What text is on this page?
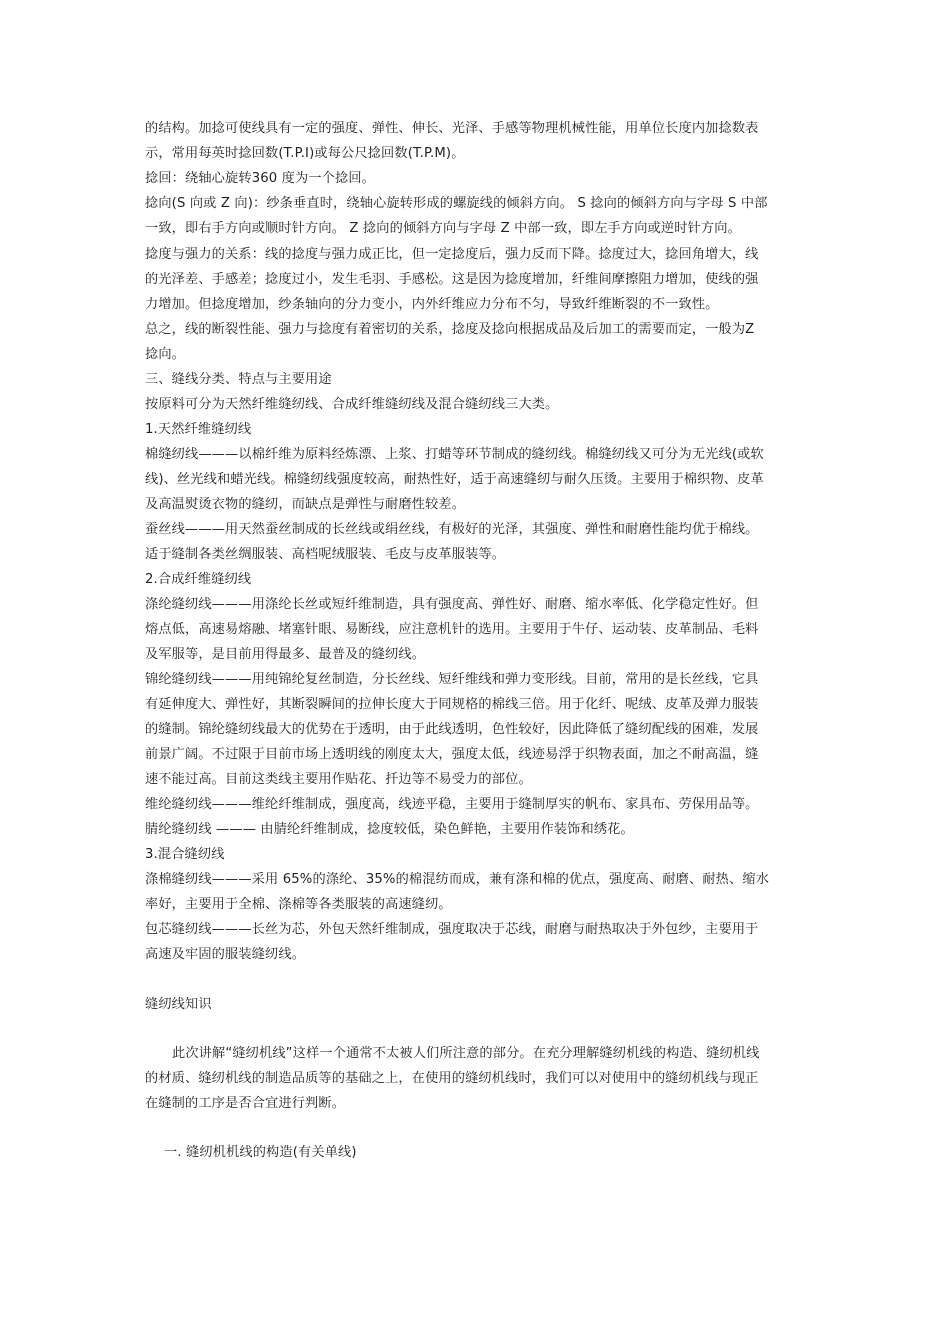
的结构。加捻可使线具有一定的强度、弹性、伸长、光泽、手感等物理机械性能，用单位长度内加捻数表
示，常用每英时捻回数(T.P.I)或每公尺捻回数(T.P.M)。
捻回：绕轴心旋转360 度为一个捻回。
捻向(S 向或 Z 向)：纱条垂直时，绕轴心旋转形成的螺旋线的倾斜方向。 S 捻向的倾斜方向与字母 S 中部
一致，即右手方向或顺时针方向。 Z 捻向的倾斜方向与字母 Z 中部一致，即左手方向或逆时针方向。
捻度与强力的关系：线的捻度与强力成正比，但一定捻度后，强力反而下降。捻度过大，捻回角增大，线
的光泽差、手感差；捻度过小，发生毛羽、手感松。这是因为捻度增加，纤维间摩擦阻力增加，使线的强
力增加。但捻度增加，纱条轴向的分力变小，内外纤维应力分布不匀，导致纤维断裂的不一致性。
总之，线的断裂性能、强力与捻度有着密切的关系，捻度及捻向根据成品及后加工的需要而定，一般为Z
捻向。
三、缝线分类、特点与主要用途
按原料可分为天然纤维缝纫线、合成纤维缝纫线及混合缝纫线三大类。
1.天然纤维缝纫线
棉缝纫线———以棉纤维为原料经炼漂、上浆、打蜡等环节制成的缝纫线。棉缝纫线又可分为无光线(或软
线)、丝光线和蜡光线。棉缝纫线强度较高，耐热性好，适于高速缝纫与耐久压烫。主要用于棉织物、皮革
及高温熨烫衣物的缝纫，而缺点是弹性与耐磨性较差。
蚕丝线———用天然蚕丝制成的长丝线或绢丝线，有极好的光泽，其强度、弹性和耐磨性能均优于棉线。
适于缝制各类丝绸服装、高档呢绒服装、毛皮与皮革服装等。
2.合成纤维缝纫线
涤纶缝纫线———用涤纶长丝或短纤维制造，具有强度高、弹性好、耐磨、缩水率低、化学稳定性好。但
熔点低，高速易熔融、堵塞针眼、易断线，应注意机针的选用。主要用于牛仔、运动装、皮革制品、毛料
及军服等，是目前用得最多、最普及的缝纫线。
锦纶缝纫线———用纯锦纶复丝制造，分长丝线、短纤维线和弹力变形线。目前，常用的是长丝线，它具
有延伸度大、弹性好，其断裂瞬间的拉伸长度大于同规格的棉线三倍。用于化纤、呢绒、皮革及弹力服装
的缝制。锦纶缝纫线最大的优势在于透明，由于此线透明，色性较好，因此降低了缝纫配线的困难，发展
前景广阔。不过限于目前市场上透明线的刚度太大，强度太低，线迹易浮于织物表面，加之不耐高温，缝
速不能过高。目前这类线主要用作贴花、扦边等不易受力的部位。
维纶缝纫线———维纶纤维制成，强度高，线迹平稳，主要用于缝制厚实的帆布、家具布、劳保用品等。
腈纶缝纫线 ——— 由腈纶纤维制成，捻度较低，染色鲜艳，主要用作装饰和绣花。
3.混合缝纫线
涤棉缝纫线———采用 65%的涤纶、35%的棉混纺而成，兼有涤和棉的优点，强度高、耐磨、耐热、缩水
率好，主要用于全棉、涤棉等各类服装的高速缝纫。
包芯缝纫线———长丝为芯，外包天然纤维制成，强度取决于芯线，耐磨与耐热取决于外包纱，主要用于
高速及牢固的服装缝纫线。
缝纫线知识
此次讲解“缝纫机线”这样一个通常不太被人们所注意的部分。在充分理解缝纫机线的构造、缝纫机线
的材质、缝纫机线的制造品质等的基础之上，在使用的缝纫机线时，我们可以对使用中的缝纫机线与现正
在缝制的工序是否合宜进行判断。
一. 缝纫机机线的构造(有关单线)
